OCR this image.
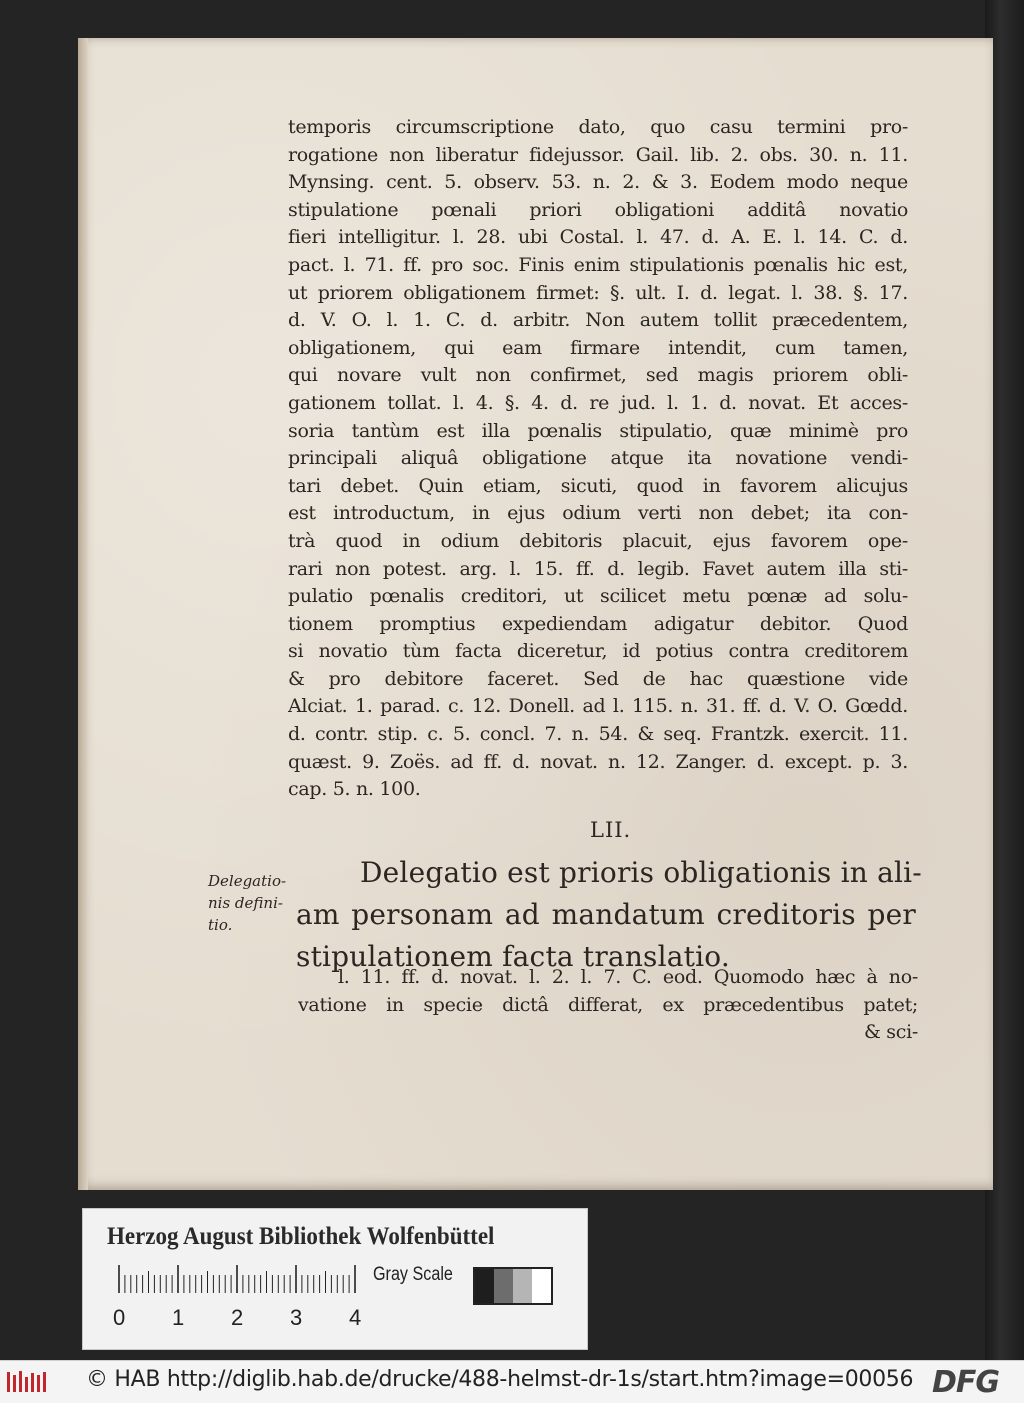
temporis circumscriptione dato, quo casu termini pro-
rogatione non liberatur fidejussor. Gail. lib. 2. obs. 30. n. 11.
Mynsing. cent. 5. observ. 53. n. 2. & 3. Eodem modo neque
stipulatione pœnali priori obligationi additâ novatio
fieri intelligitur. l. 28. ubi Costal. l. 47. d. A. E. l. 14. C. d.
pact. l. 71. ff. pro soc. Finis enim stipulationis pœnalis hic est,
ut priorem obligationem firmet: §. ult. I. d. legat. l. 38. §. 17.
d. V. O. l. 1. C. d. arbitr. Non autem tollit præcedentem,
obligationem, qui eam firmare intendit, cum tamen,
qui novare vult non confirmet, sed magis priorem obli-
gationem tollat. l. 4. §. 4. d. re jud. l. 1. d. novat. Et acces-
soria tantùm est illa pœnalis stipulatio, quæ minimè pro
principali aliquâ obligatione atque ita novatione vendi-
tari debet. Quin etiam, sicuti, quod in favorem alicujus
est introductum, in ejus odium verti non debet; ita con-
trà quod in odium debitoris placuit, ejus favorem ope-
rari non potest. arg. l. 15. ff. d. legib. Favet autem illa sti-
pulatio pœnalis creditori, ut scilicet metu pœnæ ad solu-
tionem promptius expediendam adigatur debitor. Quod
si novatio tùm facta diceretur, id potius contra creditorem
& pro debitore faceret. Sed de hac quæstione vide
Alciat. 1. parad. c. 12. Donell. ad l. 115. n. 31. ff. d. V. O. Gœdd.
d. contr. stip. c. 5. concl. 7. n. 54. & seq. Frantzk. exercit. 11.
quæst. 9. Zoës. ad ff. d. novat. n. 12. Zanger. d. except. p. 3.
cap. 5. n. 100.
LII.
Delegatio est prioris obligationis in ali-
am personam ad mandatum creditoris per
stipulationem facta translatio.
Delegatio-
nis defini-
tio.
l. 11. ff. d. novat. l. 2. l. 7. C. eod. Quomodo hæc à no-
vatione in specie dictâ differat, ex præcedentibus patet;
& sci-
Herzog August Bibliothek Wolfenbüttel
Gray Scale
0 1 2 3 4
© HAB http://diglib.hab.de/drucke/488-helmst-dr-1s/start.htm?image=00056 DFG
